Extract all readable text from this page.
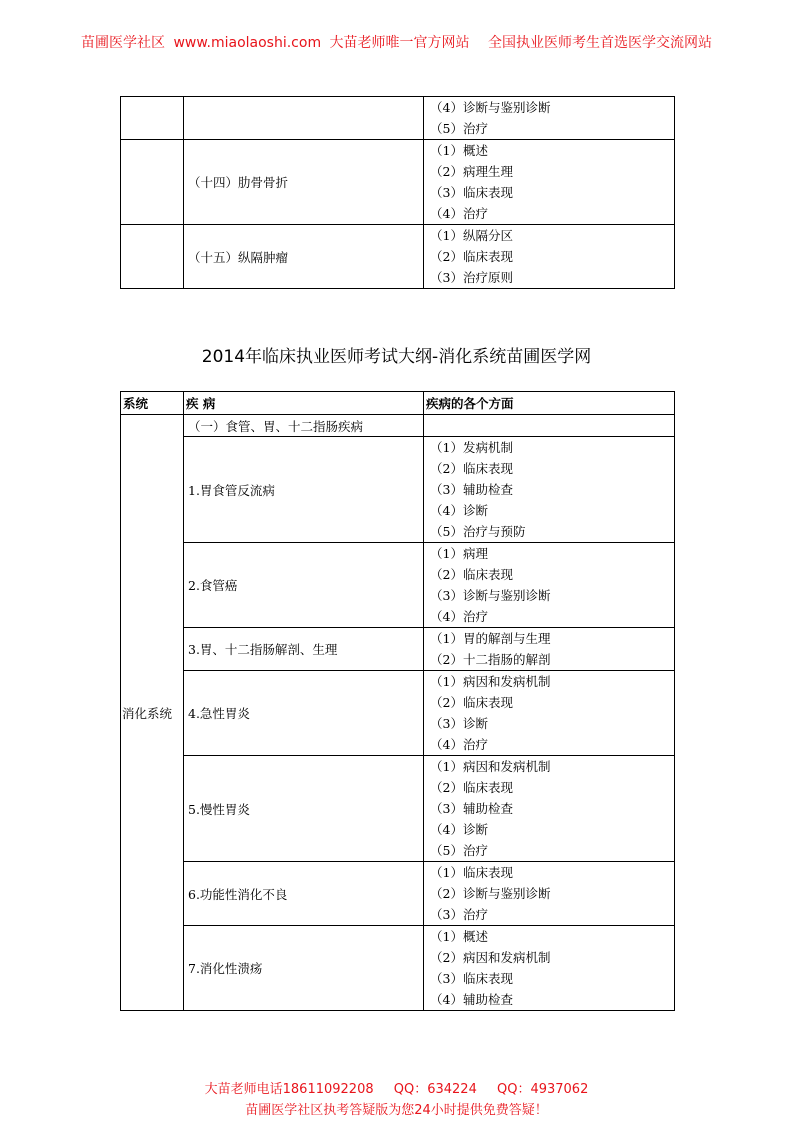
苗圃医学社区 www.miaolaoshi.com 大苗老师唯一官方网站 全国执业医师考生首选医学交流网站

		（4）诊断与鉴别诊断
（5）治疗

	（十四）肋骨骨折	（1）概述
（2）病理生理
（3）临床表现
（4）治疗

	（十五）纵隔肿瘤	（1）纵隔分区
（2）临床表现
（3）治疗原则
2014年临床执业医师考试大纲-消化系统苗圃医学网
系统	疾 病	疾病的各个方面
消化系统	（一）食管、胃、十二指肠疾病	
	1.胃食管反流病	（1）发病机制
（2）临床表现
（3）辅助检查
（4）诊断
（5）治疗与预防

	2.食管癌	（1）病理
（2）临床表现
（3）诊断与鉴别诊断
（4）治疗

	3.胃、十二指肠解剖、生理	（1）胃的解剖与生理
（2）十二指肠的解剖

	4.急性胃炎	（1）病因和发病机制
（2）临床表现
（3）诊断
（4）治疗

	5.慢性胃炎	（1）病因和发病机制
（2）临床表现
（3）辅助检查
（4）诊断
（5）治疗

	6.功能性消化不良	（1）临床表现
（2）诊断与鉴别诊断
（3）治疗

	7.消化性溃疡	（1）概述
（2）病因和发病机制
（3）临床表现
（4）辅助检查
大苗老师电话18611092208 QQ：634224 QQ：4937062
苗圃医学社区执考答疑版为您24小时提供免费答疑！
